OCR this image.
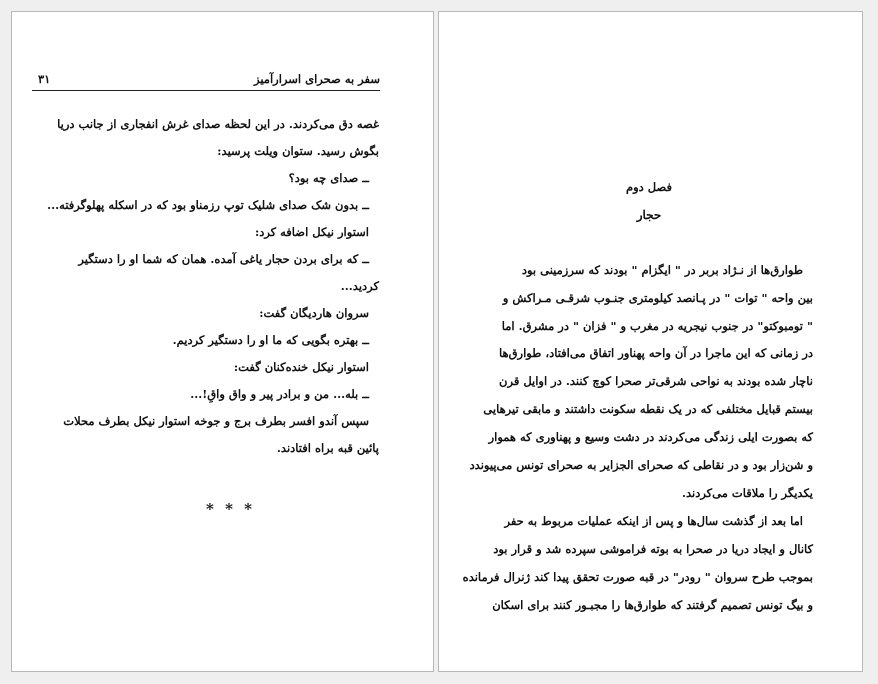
سفر به صحرای اسرارآمیز
۳۱
غصه دق می‌کردند. در این لحظه صدای غرش انفجاری از جانب دریا
بگوش رسید. ستوان ویلت پرسید:
ــ صدای چه بود؟
ــ بدون شک صدای شلیک توپ رزمناو بود که در اسکله پهلوگرفته...
استوار نیکل اضافه کرد:
ــ که برای بردن حجار یاغی آمده. همان که شما او را دستگیر
کردید...
سروان هاردیگان گفت:
ــ بهتره بگویی که ما او را دستگیر کردیم.
استوار نیکل خنده‌کنان گفت:
ــ بله... من و برادر پیر و واق واقِ!...
سپس آندو افسر بطرف برج و جوخه استوار نیکل بطرف محلات
پائین قبه براه افتادند.
* * *
فصل دوم
حجار
طوارق‌ها از نـژاد بربر در " ایگزام " بودند که سرزمینی بود
بین واحه " توات " در پـانصد کیلومتری جنـوب شرقـی مـراکش و
" تومبوکتو" در جنوب نیجریه در مغرب و " فزان " در مشرق. اما
در زمانی که این ماجرا در آن واحه پهناور اتفاق می‌افتاد، طوارق‌ها
ناچار شده بودند به نواحی شرقی‌تر صحرا کوچ کنند. در اوایل قرن
بیستم قبایل مختلفی که در یک نقطه سکونت داشتند و مابقی تیرهایی
که بصورت ایلی زندگی می‌کردند در دشت وسیع و پهناوری که هموار
و شن‌زار بود و در نقاطی که صحرای الجزایر به صحرای تونس می‌پیوندد
یکدیگر را ملاقات می‌کردند.
اما بعد از گذشت سال‌ها و پس از اینکه عملیات مربوط به حفر
کانال و ایجاد دریا در صحرا به بوته فراموشی سپرده شد و قرار بود
بموجب طرح سروان " رودر" در قبه صورت تحقق پیدا کند ژنرال فرمانده
و بیگ تونس تصمیم گرفتند که طوارق‌ها را مجبـور کنند برای اسکان
